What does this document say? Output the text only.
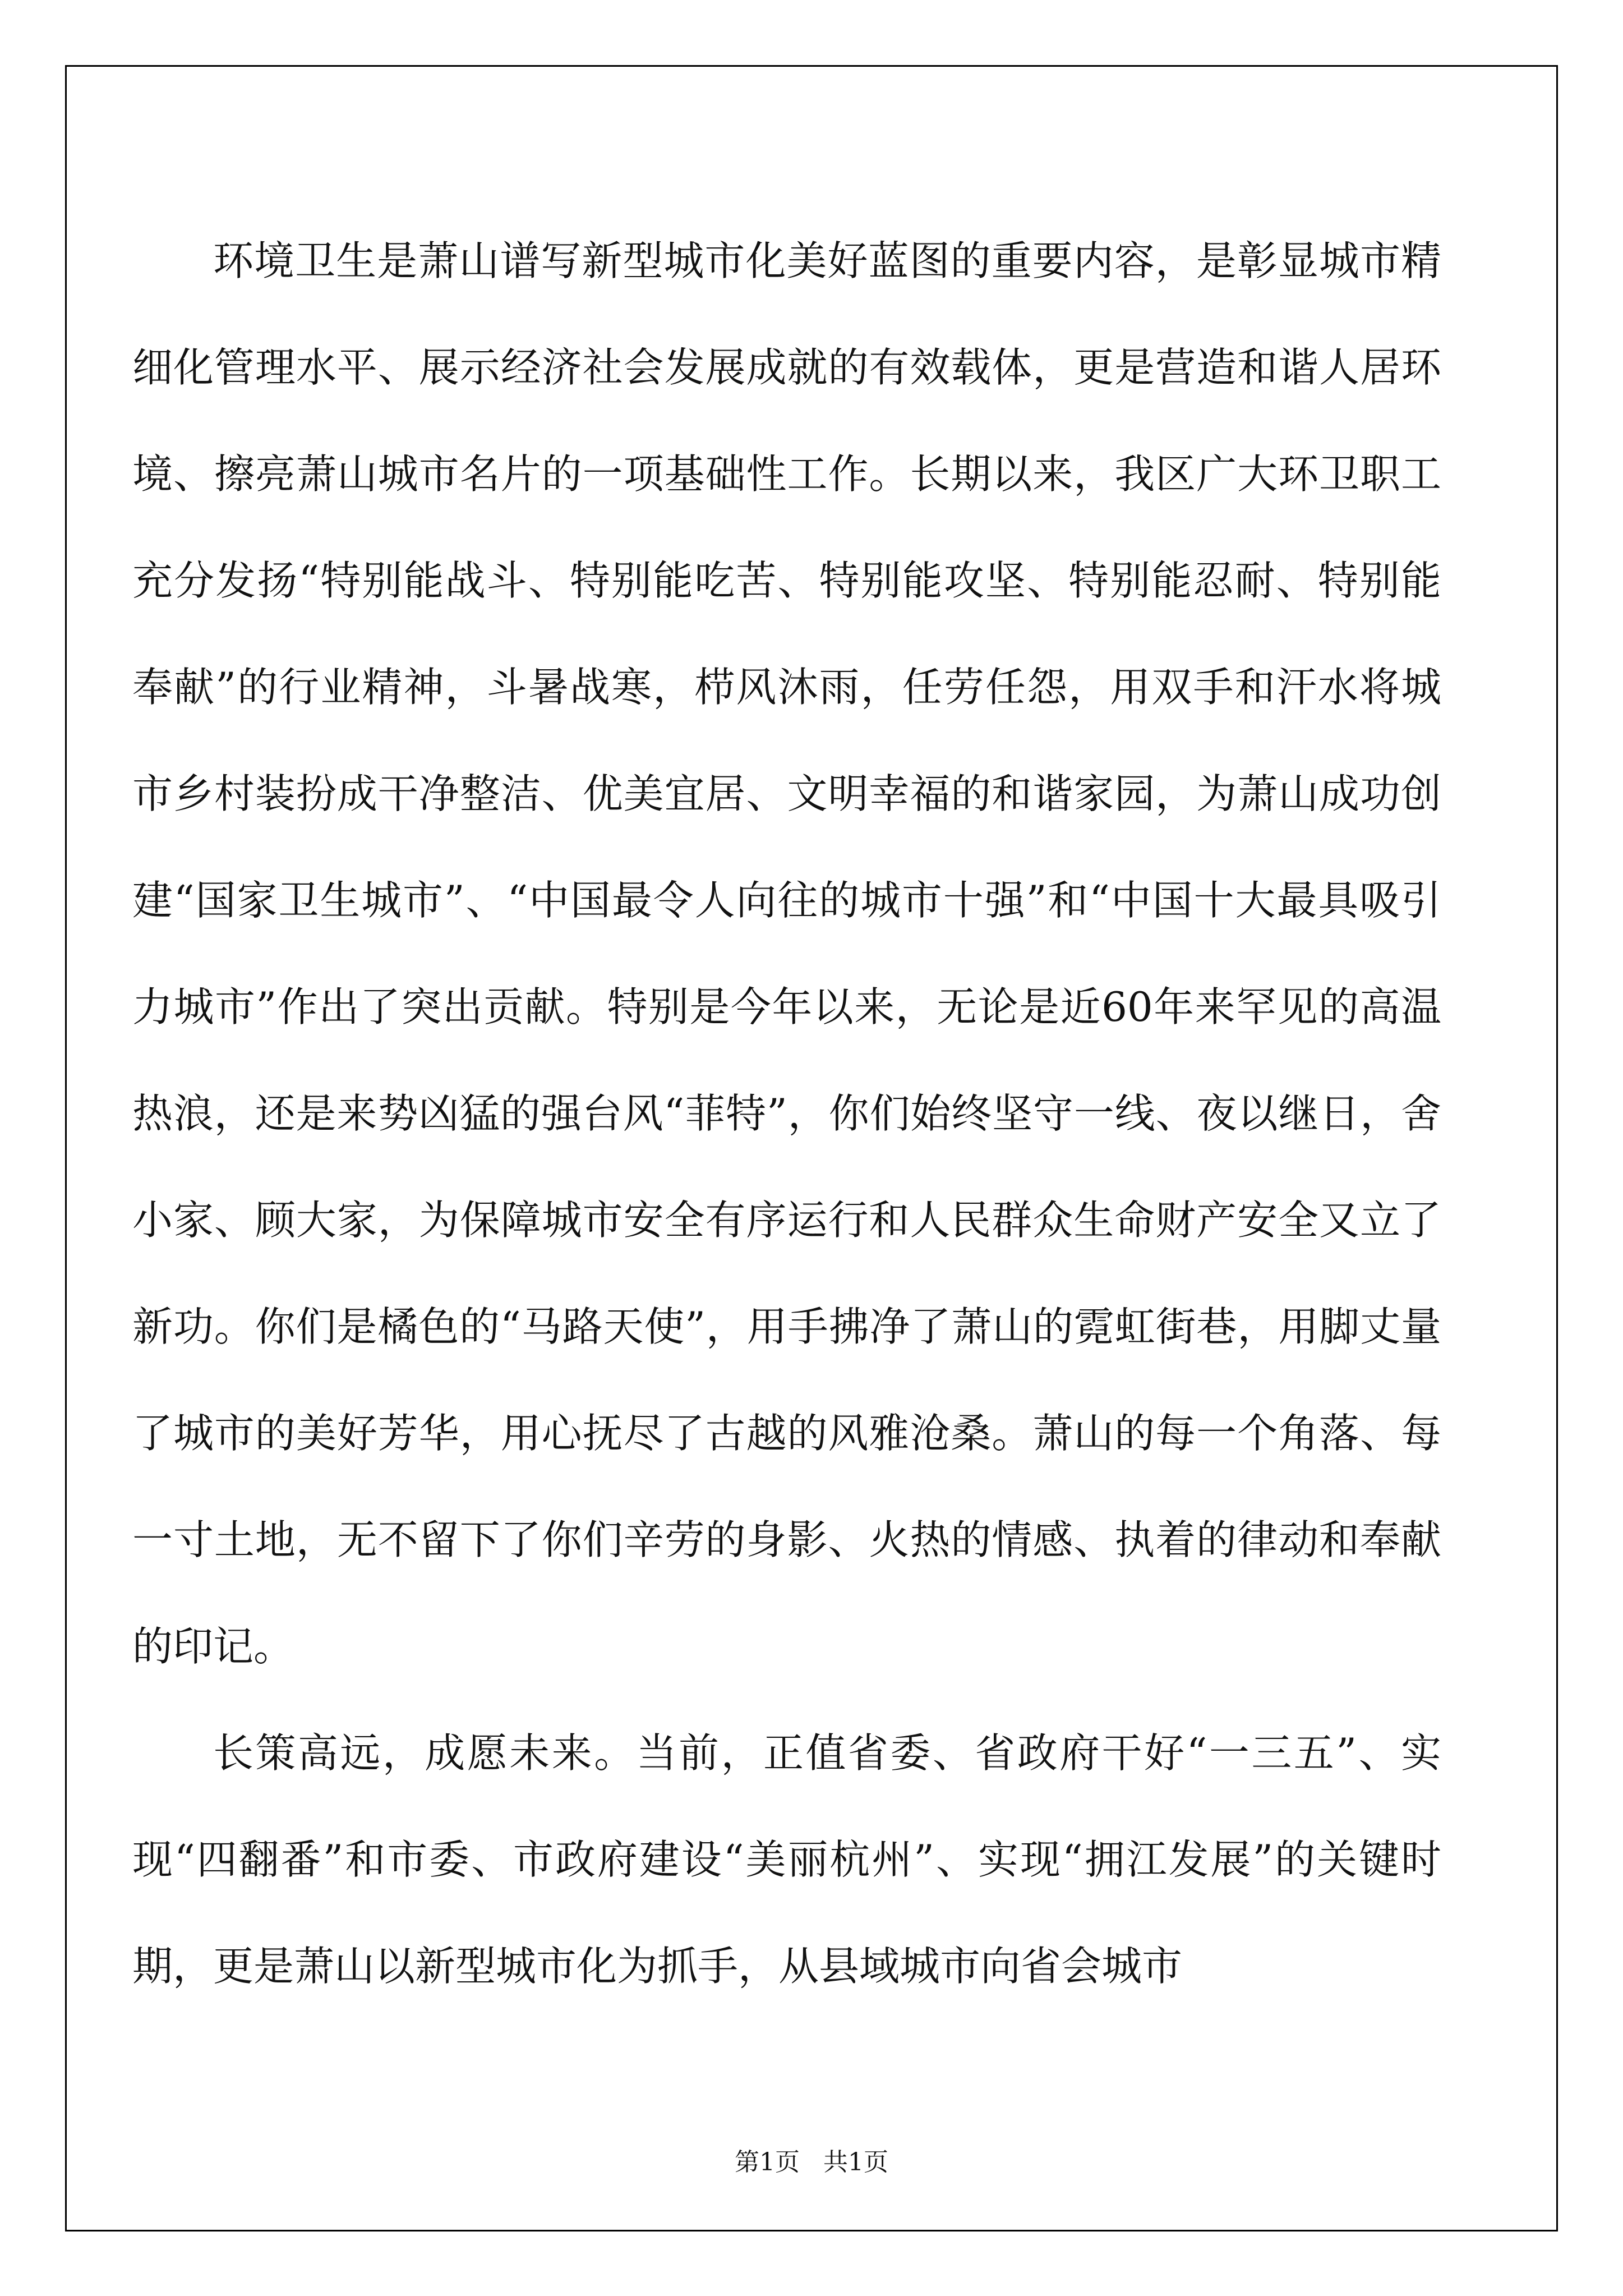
环境卫生是萧山谱写新型城市化美好蓝图的重要内容，是彰显城市精细化管理水平、展示经济社会发展成就的有效载体，更是营造和谐人居环境、擦亮萧山城市名片的一项基础性工作。长期以来，我区广大环卫职工充分发扬“特别能战斗、特别能吃苦、特别能攻坚、特别能忍耐、特别能奉献”的行业精神，斗暑战寒，栉风沐雨，任劳任怨，用双手和汗水将城市乡村装扮成干净整洁、优美宜居、文明幸福的和谐家园，为萧山成功创建“国家卫生城市”、“中国最令人向往的城市十强”和“中国十大最具吸引力城市”作出了突出贡献。特别是今年以来，无论是近60年来罕见的高温热浪，还是来势凶猛的强台风“菲特”，你们始终坚守一线、夜以继日，舍小家、顾大家，为保障城市安全有序运行和人民群众生命财产安全又立了新功。你们是橘色的“马路天使”，用手拂净了萧山的霓虹街巷，用脚丈量了城市的美好芳华，用心抚尽了古越的风雅沧桑。萧山的每一个角落、每一寸土地，无不留下了你们辛劳的身影、火热的情感、执着的律动和奉献的印记。

长策高远，成愿未来。当前，正值省委、省政府干好“一三五”、实现“四翻番”和市委、市政府建设“美丽杭州”、实现“拥江发展”的关键时期，更是萧山以新型城市化为抓手，从县域城市向省会城市

第1页   共1页
